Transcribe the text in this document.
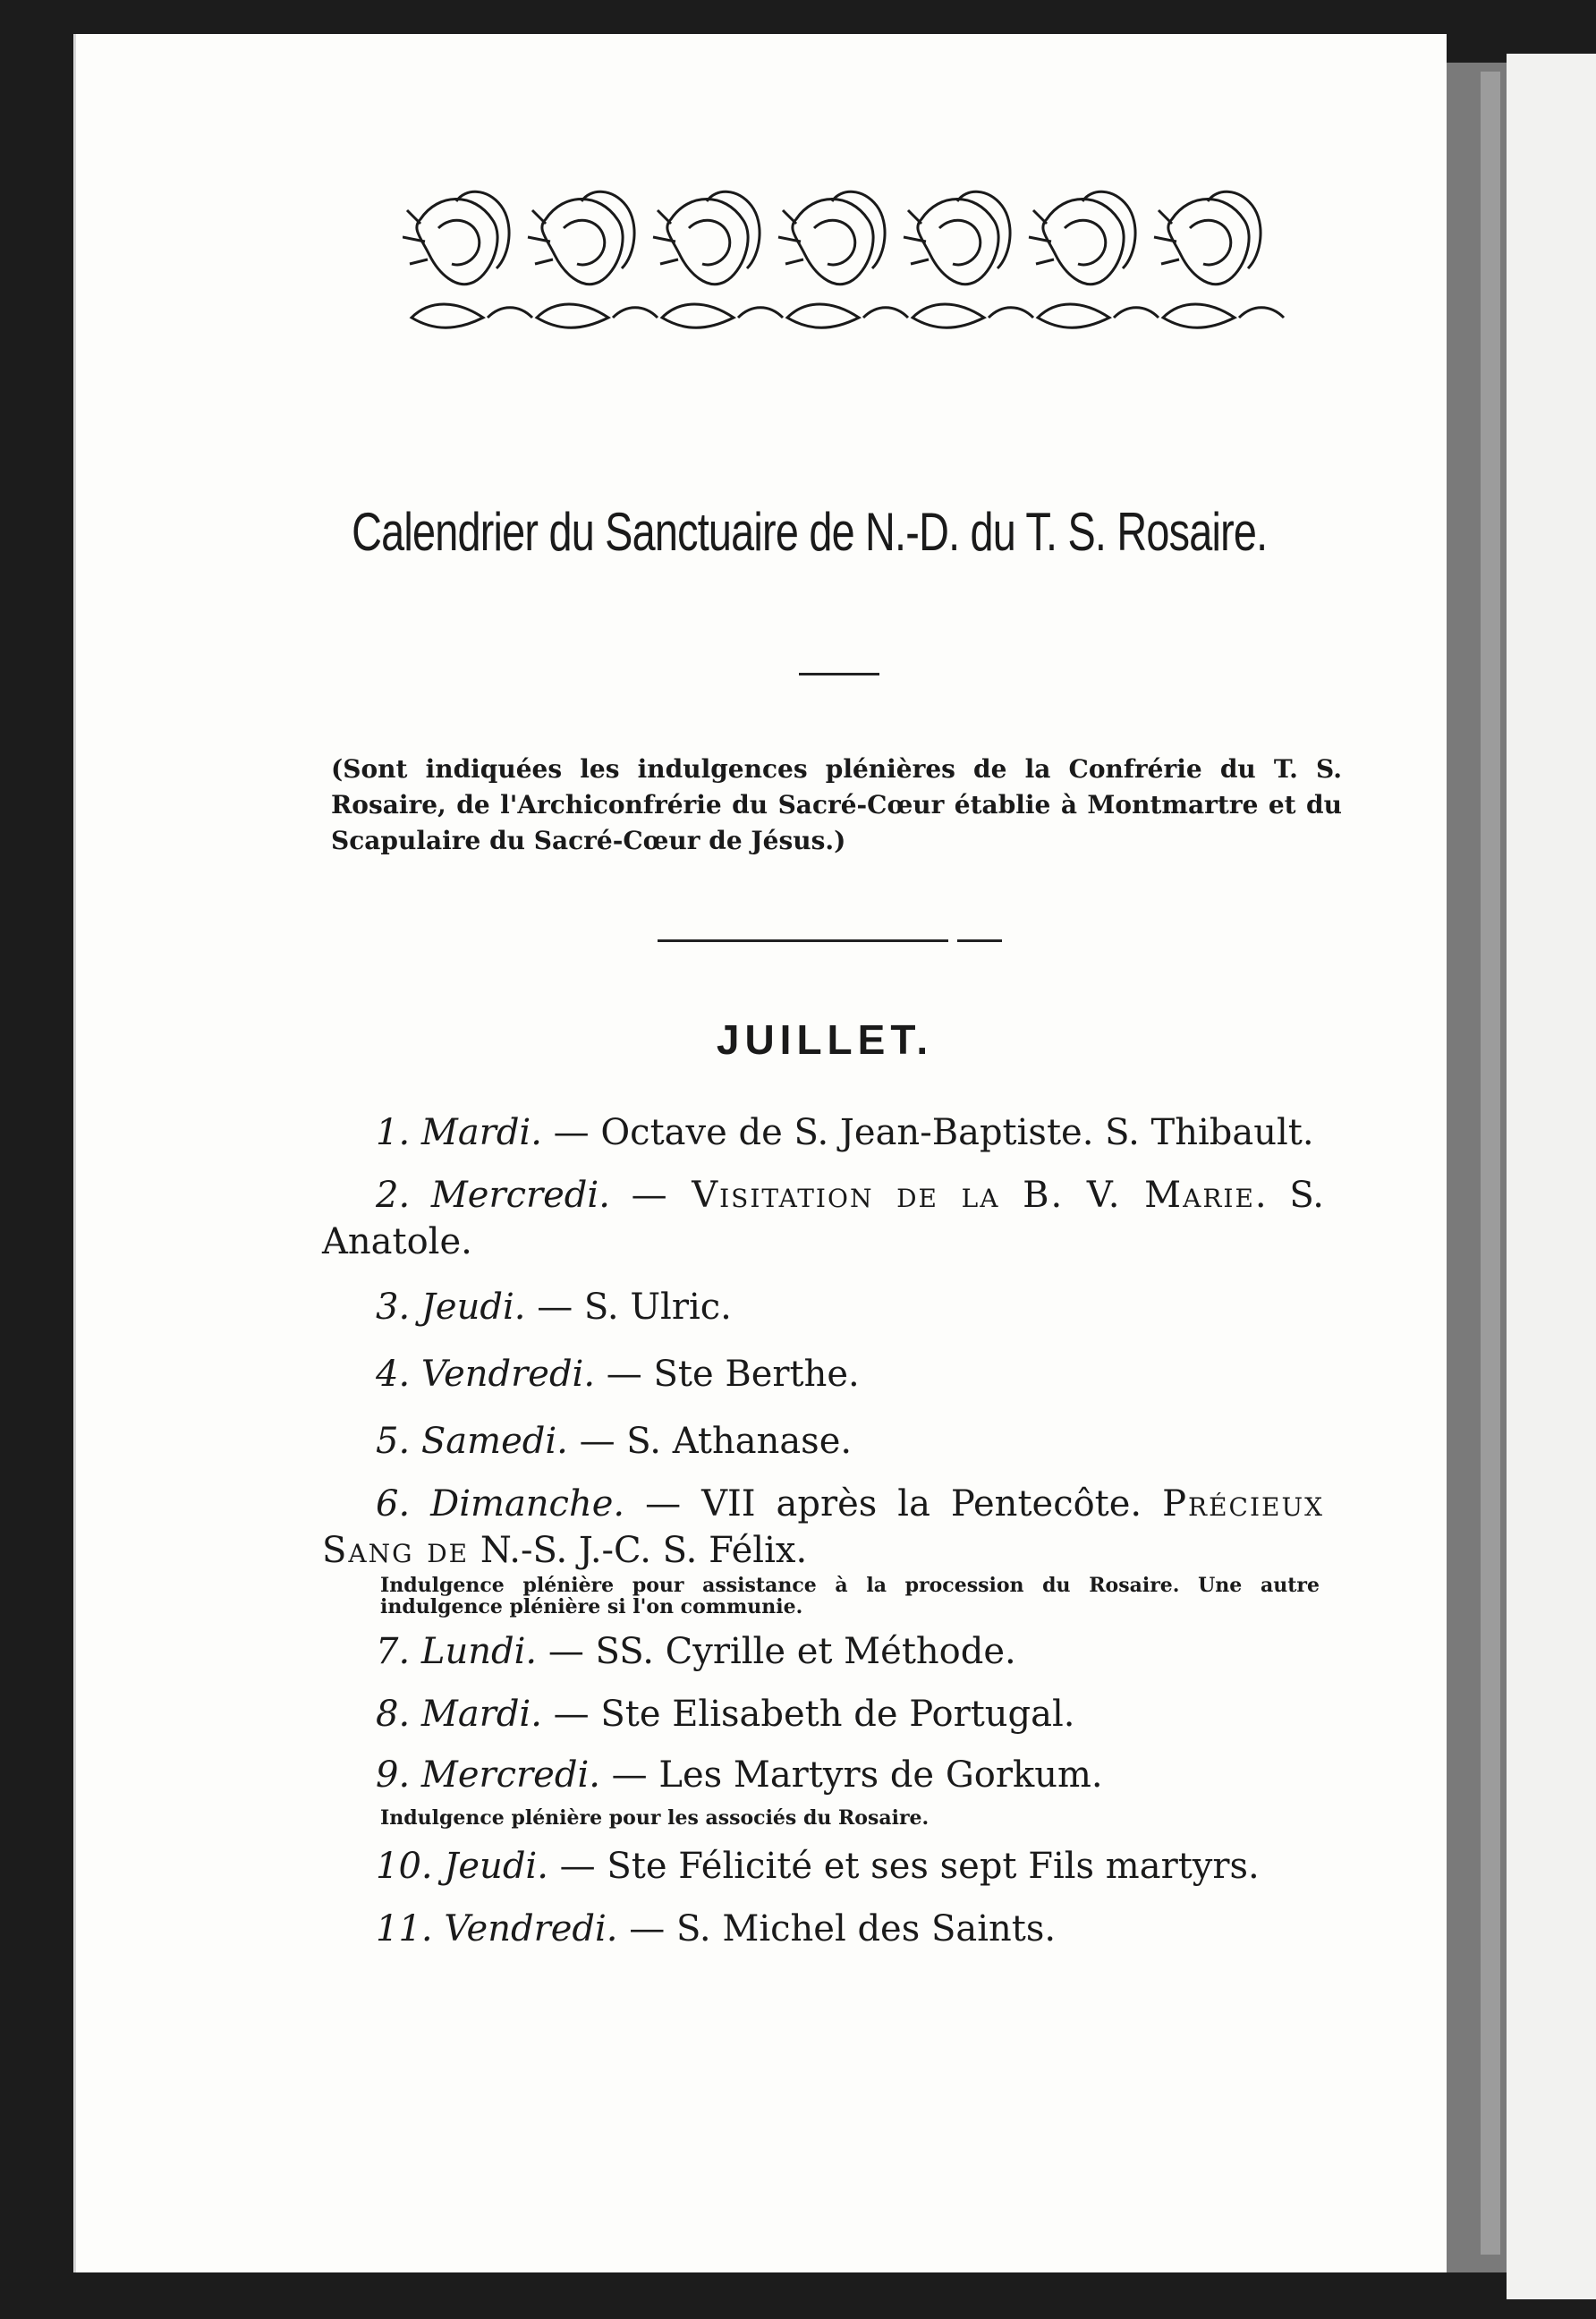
Calendrier du Sanctuaire de N.-D. du T. S. Rosaire.
(Sont indiquées les indulgences plénières de la Confrérie du T. S. Rosaire, de l'Archiconfrérie du Sacré-Cœur établie à Montmartre et du Scapulaire du Sacré-Cœur de Jésus.)
JUILLET.
1. Mardi. — Octave de S. Jean-Baptiste. S. Thibault.
2. Mercredi. — Visitation de la B. V. Marie. S. Anatole.
3. Jeudi. — S. Ulric.
4. Vendredi. — Ste Berthe.
5. Samedi. — S. Athanase.
6. Dimanche. — VII après la Pentecôte. Précieux Sang de N.-S. J.-C. S. Félix.
Indulgence plénière pour assistance à la procession du Rosaire. Une autre indulgence plénière si l'on communie.
7. Lundi. — SS. Cyrille et Méthode.
8. Mardi. — Ste Elisabeth de Portugal.
9. Mercredi. — Les Martyrs de Gorkum.
Indulgence plénière pour les associés du Rosaire.
10. Jeudi. — Ste Félicité et ses sept Fils martyrs.
11. Vendredi. — S. Michel des Saints.
